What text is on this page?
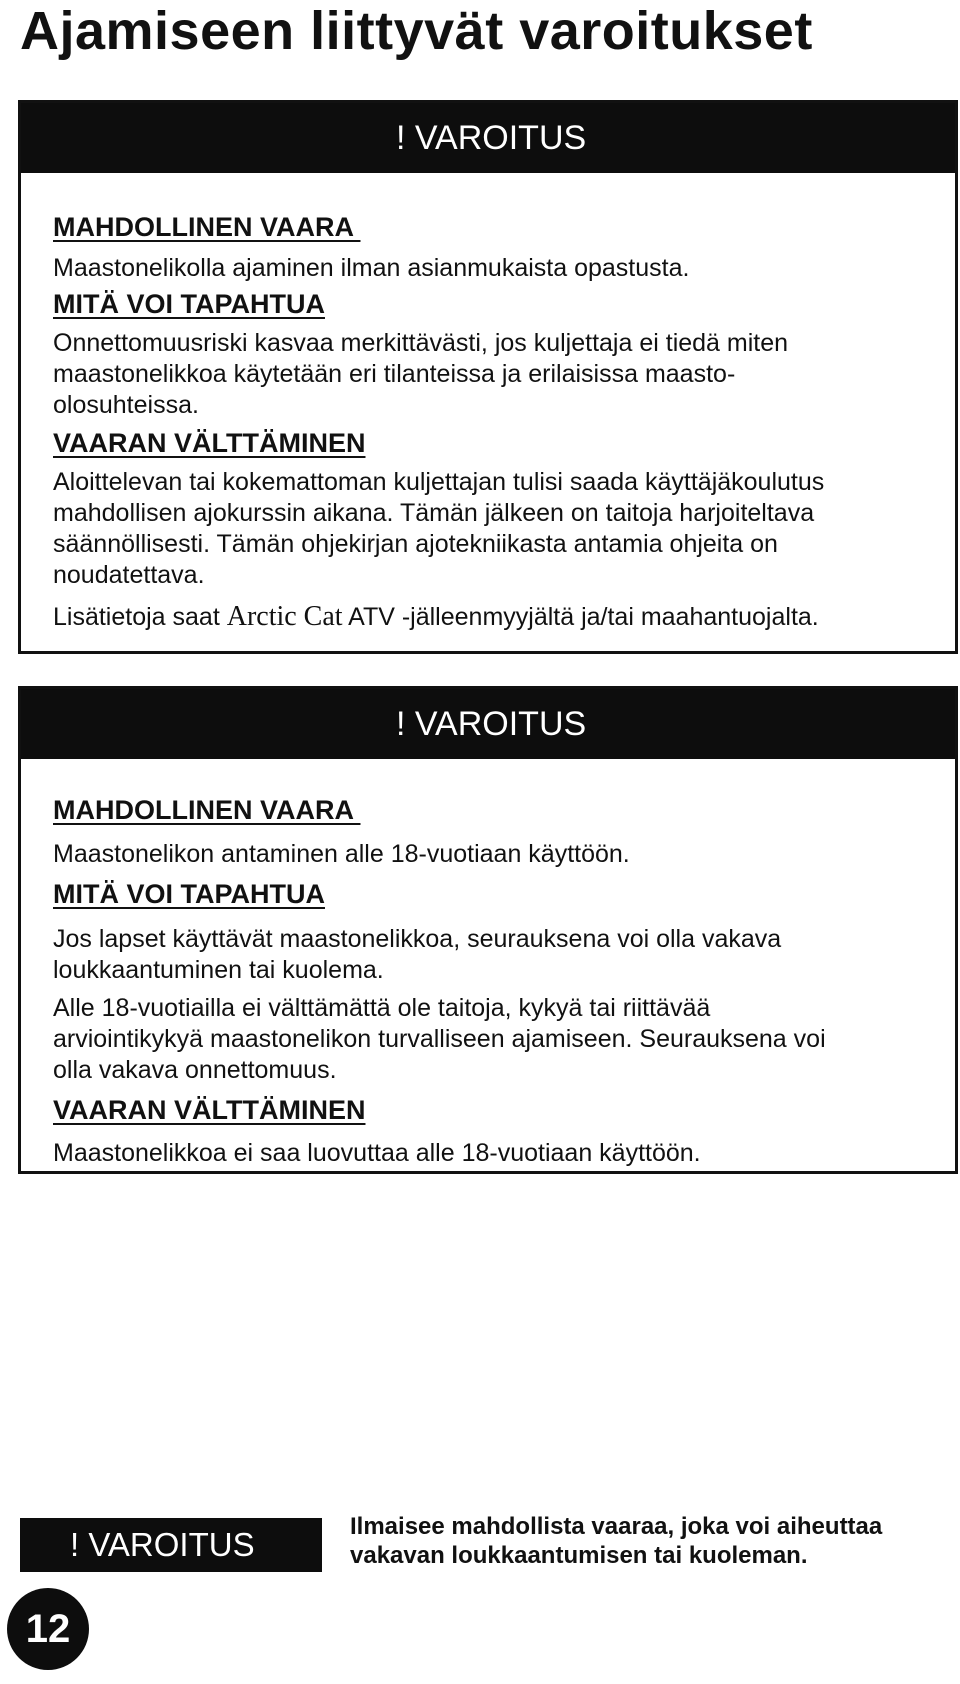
Ajamiseen liittyvät varoitukset
! VAROITUS
MAHDOLLINEN VAARA
Maastonelikolla ajaminen ilman asianmukaista opastusta.
MITÄ VOI TAPAHTUA
Onnettomuusriski kasvaa merkittävästi, jos kuljettaja ei tiedä miten
maastonelikkoa käytetään eri tilanteissa ja erilaisissa maasto-
olosuhteissa.
VAARAN VÄLTTÄMINEN
Aloittelevan tai kokemattoman kuljettajan tulisi saada käyttäjäkoulutus
mahdollisen ajokurssin aikana. Tämän jälkeen on taitoja harjoiteltava
säännöllisesti. Tämän ohjekirjan ajotekniikasta antamia ohjeita on
noudatettava.
Lisätietoja saat Arctic Cat ATV -jälleenmyyjältä ja/tai maahantuojalta.
! VAROITUS
MAHDOLLINEN VAARA
Maastonelikon antaminen alle 18-vuotiaan käyttöön.
MITÄ VOI TAPAHTUA
Jos lapset käyttävät maastonelikkoa, seurauksena voi olla vakava
loukkaantuminen tai kuolema.
Alle 18-vuotiailla ei välttämättä ole taitoja, kykyä tai riittävää
arviointikykyä maastonelikon turvalliseen ajamiseen. Seurauksena voi
olla vakava onnettomuus.
VAARAN VÄLTTÄMINEN
Maastonelikkoa ei saa luovuttaa alle 18-vuotiaan käyttöön.
! VAROITUS	Ilmaisee mahdollista vaaraa, joka voi aiheuttaa
vakavan loukkaantumisen tai kuoleman.
12
